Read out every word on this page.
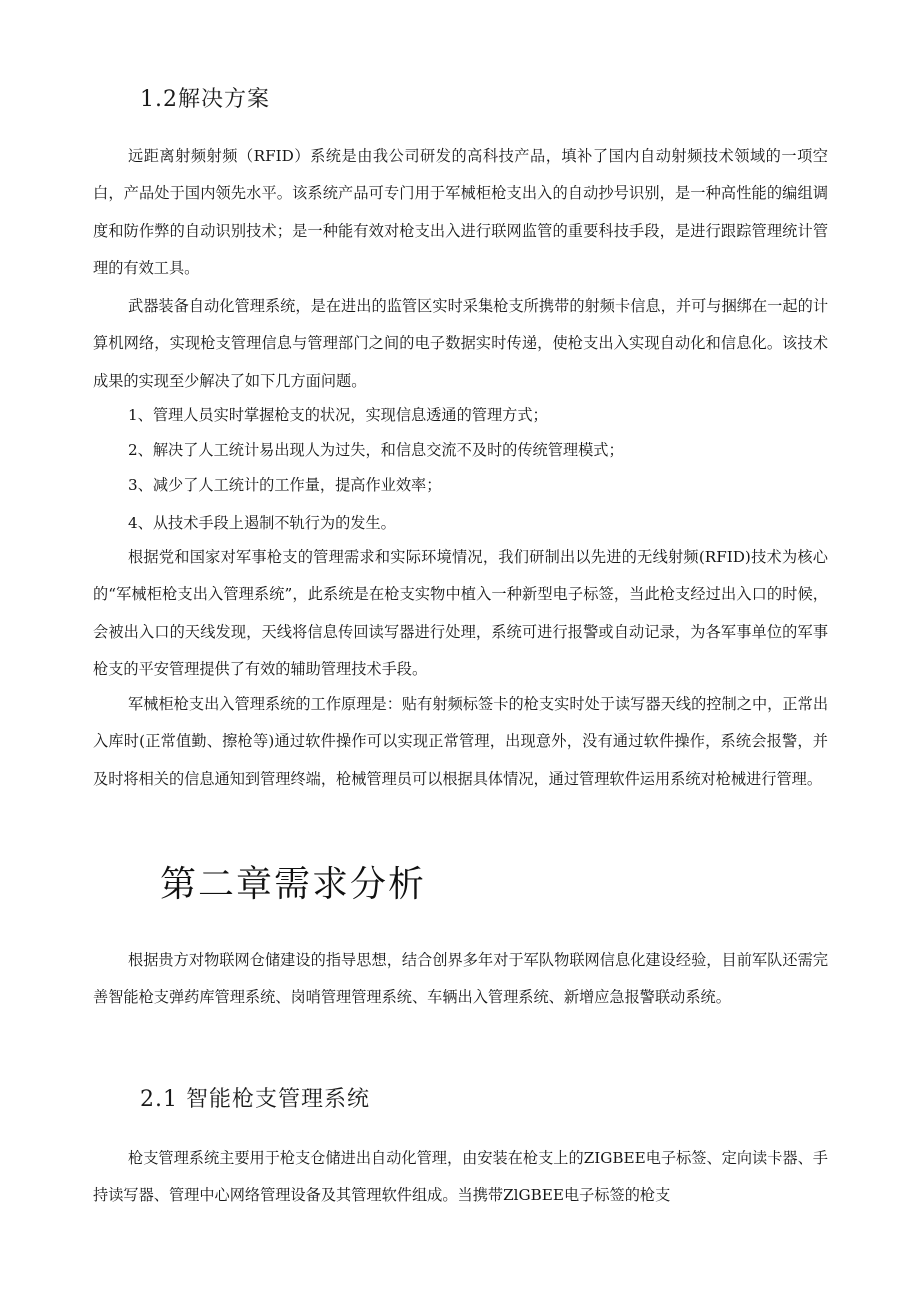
1.2解决方案

远距离射频射频（RFID）系统是由我公司研发的高科技产品，填补了国内自动射频技术领域的一项空白，产品处于国内领先水平。该系统产品可专门用于军械柜枪支出入的自动抄号识别，是一种高性能的编组调度和防作弊的自动识别技术；是一种能有效对枪支出入进行联网监管的重要科技手段，是进行跟踪管理统计管理的有效工具。

武器装备自动化管理系统，是在进出的监管区实时采集枪支所携带的射频卡信息，并可与捆绑在一起的计算机网络，实现枪支管理信息与管理部门之间的电子数据实时传递，使枪支出入实现自动化和信息化。该技术成果的实现至少解决了如下几方面问题。

1、管理人员实时掌握枪支的状况，实现信息透通的管理方式；

2、解决了人工统计易出现人为过失，和信息交流不及时的传统管理模式；

3、减少了人工统计的工作量，提高作业效率；

4、从技术手段上遏制不轨行为的发生。

根据党和国家对军事枪支的管理需求和实际环境情况，我们研制出以先进的无线射频(RFID)技术为核心的“军械柜枪支出入管理系统”，此系统是在枪支实物中植入一种新型电子标签，当此枪支经过出入口的时候，会被出入口的天线发现，天线将信息传回读写器进行处理，系统可进行报警或自动记录，为各军事单位的军事枪支的平安管理提供了有效的辅助管理技术手段。

军械柜枪支出入管理系统的工作原理是：贴有射频标签卡的枪支实时处于读写器天线的控制之中，正常出入库时(正常值勤、擦枪等)通过软件操作可以实现正常管理，出现意外，没有通过软件操作，系统会报警，并及时将相关的信息通知到管理终端，枪械管理员可以根据具体情况，通过管理软件运用系统对枪械进行管理。

第二章需求分析

根据贵方对物联网仓储建设的指导思想，结合创界多年对于军队物联网信息化建设经验，目前军队还需完善智能枪支弹药库管理系统、岗哨管理管理系统、车辆出入管理系统、新增应急报警联动系统。

2.1 智能枪支管理系统

枪支管理系统主要用于枪支仓储进出自动化管理，由安装在枪支上的ZIGBEE电子标签、定向读卡器、手持读写器、管理中心网络管理设备及其管理软件组成。当携带ZlGBEE电子标签的枪支
